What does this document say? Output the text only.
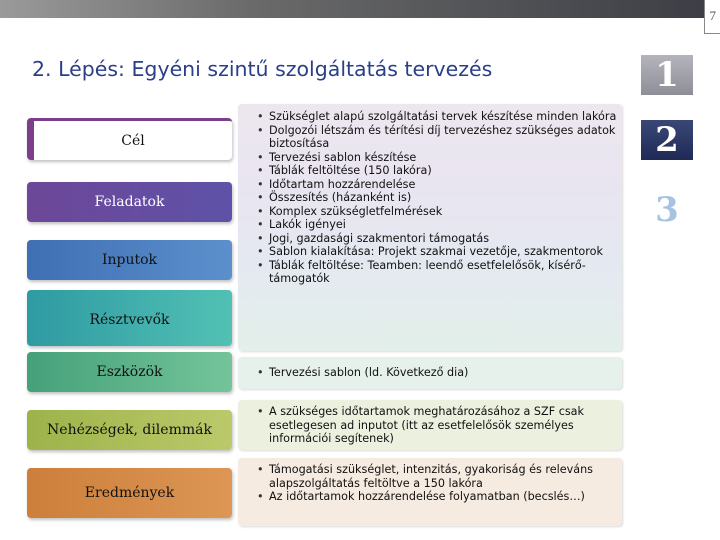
7
2. Lépés: Egyéni szintű szolgáltatás tervezés	1
2
3
Cél
Feladatok
Inputok
Résztvevők
Eszközök
Nehézségek, dilemmák
Eredmények
• Szükséglet alapú szolgáltatási tervek készítése minden lakóra
• Dolgozói létszám és térítési díj tervezéshez szükséges adatok biztosítása
• Tervezési sablon készítése
• Táblák feltöltése (150 lakóra)
• Időtartam hozzárendelése
• Összesítés (házanként is)
• Komplex szükségletfelmérések
• Lakók igényei
• Jogi, gazdasági szakmentori támogatás
• Sablon kialakítása: Projekt szakmai vezetője, szakmentorok
• Táblák feltöltése: Teamben: leendő esetfelelősök, kísérő-támogatók
• Tervezési sablon (ld. Következő dia)
• A szükséges időtartamok meghatározásához a SZF csak esetlegesen ad inputot (itt az esetfelelősök személyes információi segítenek)
• Támogatási szükséglet, intenzitás, gyakoriság és releváns alapszolgáltatás feltöltve a 150 lakóra
• Az időtartamok hozzárendelése folyamatban (becslés…)
